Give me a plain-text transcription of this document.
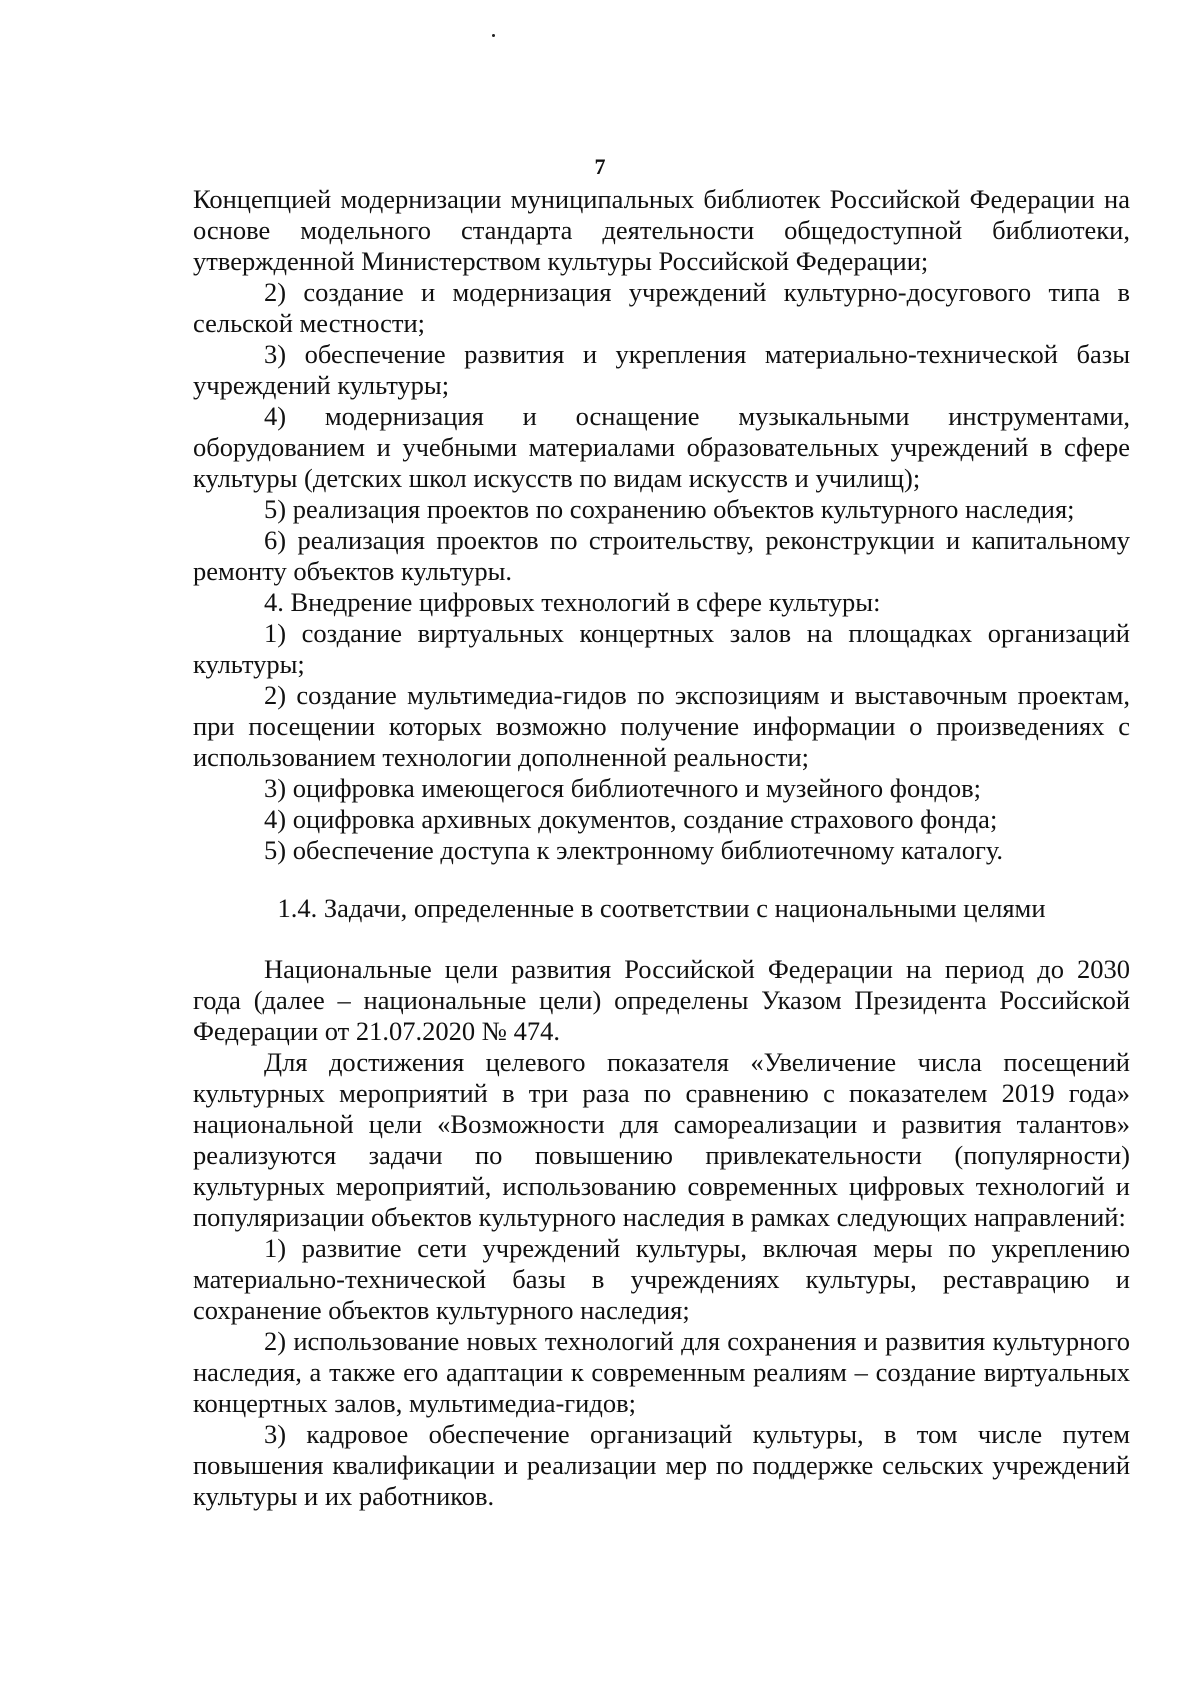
7

Концепцией модернизации муниципальных библиотек Российской Федерации на основе модельного стандарта деятельности общедоступной библиотеки, утвержденной Министерством культуры Российской Федерации;

2) создание и модернизация учреждений культурно-досугового типа в сельской местности;

3) обеспечение развития и укрепления материально-технической базы учреждений культуры;

4) модернизация и оснащение музыкальными инструментами, оборудованием и учебными материалами образовательных учреждений в сфере культуры (детских школ искусств по видам искусств и училищ);

5) реализация проектов по сохранению объектов культурного наследия;

6) реализация проектов по строительству, реконструкции и капитальному ремонту объектов культуры.

4. Внедрение цифровых технологий в сфере культуры:

1) создание виртуальных концертных залов на площадках организаций культуры;

2) создание мультимедиа-гидов по экспозициям и выставочным проектам, при посещении которых возможно получение информации о произведениях с использованием технологии дополненной реальности;

3) оцифровка имеющегося библиотечного и музейного фондов;

4) оцифровка архивных документов, создание страхового фонда;

5) обеспечение доступа к электронному библиотечному каталогу.

1.4. Задачи, определенные в соответствии с национальными целями

Национальные цели развития Российской Федерации на период до 2030 года (далее – национальные цели) определены Указом Президента Российской Федерации от 21.07.2020 № 474.

Для достижения целевого показателя «Увеличение числа посещений культурных мероприятий в три раза по сравнению с показателем 2019 года» национальной цели «Возможности для самореализации и развития талантов» реализуются задачи по повышению привлекательности (популярности) культурных мероприятий, использованию современных цифровых технологий и популяризации объектов культурного наследия в рамках следующих направлений:

1) развитие сети учреждений культуры, включая меры по укреплению материально-технической базы в учреждениях культуры, реставрацию и сохранение объектов культурного наследия;

2) использование новых технологий для сохранения и развития культурного наследия, а также его адаптации к современным реалиям – создание виртуальных концертных залов, мультимедиа-гидов;

3) кадровое обеспечение организаций культуры, в том числе путем повышения квалификации и реализации мер по поддержке сельских учреждений культуры и их работников.
